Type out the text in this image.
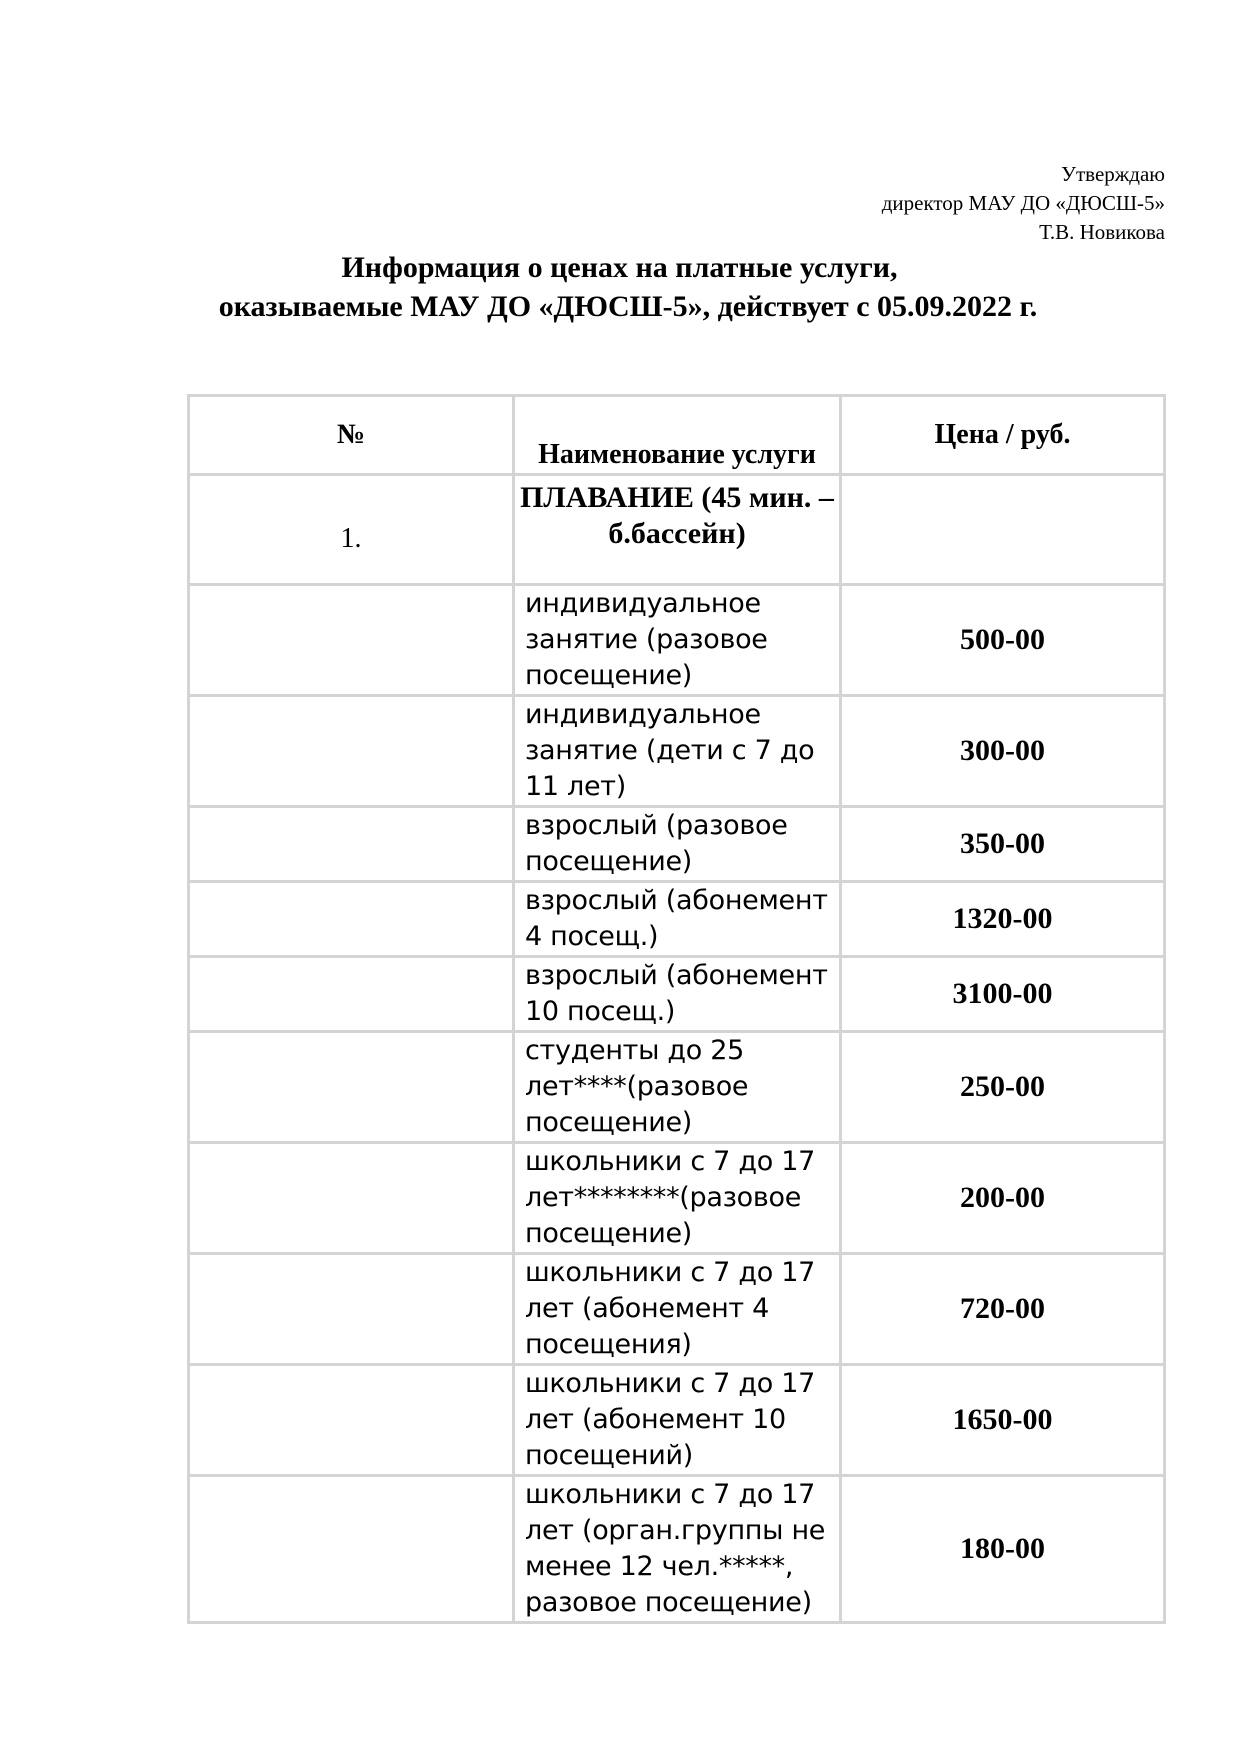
Утверждаю
директор МАУ ДО «ДЮСШ-5»
Т.В. Новикова
Информация о ценах на платные услуги,
оказываемые МАУ ДО «ДЮСШ-5», действует с 05.09.2022 г.
№	Наименование услуги	Цена / руб.
1.	ПЛАВАНИЕ (45 мин. – б.бассейн)	
	индивидуальное занятие (разовое посещение)	500-00
	индивидуальное занятие (дети с 7 до 11 лет)	300-00
	взрослый (разовое посещение)	350-00
	взрослый (абонемент 4 посещ.)	1320-00
	взрослый (абонемент 10 посещ.)	3100-00
	студенты до 25 лет****(разовое посещение)	250-00
	школьники с 7 до 17 лет********(разовое посещение)	200-00
	школьники с 7 до 17 лет (абонемент 4 посещения)	720-00
	школьники с 7 до 17 лет (абонемент 10 посещений)	1650-00
	школьники с 7 до 17 лет (орган.группы не менее 12 чел.*****, разовое посещение)	180-00
